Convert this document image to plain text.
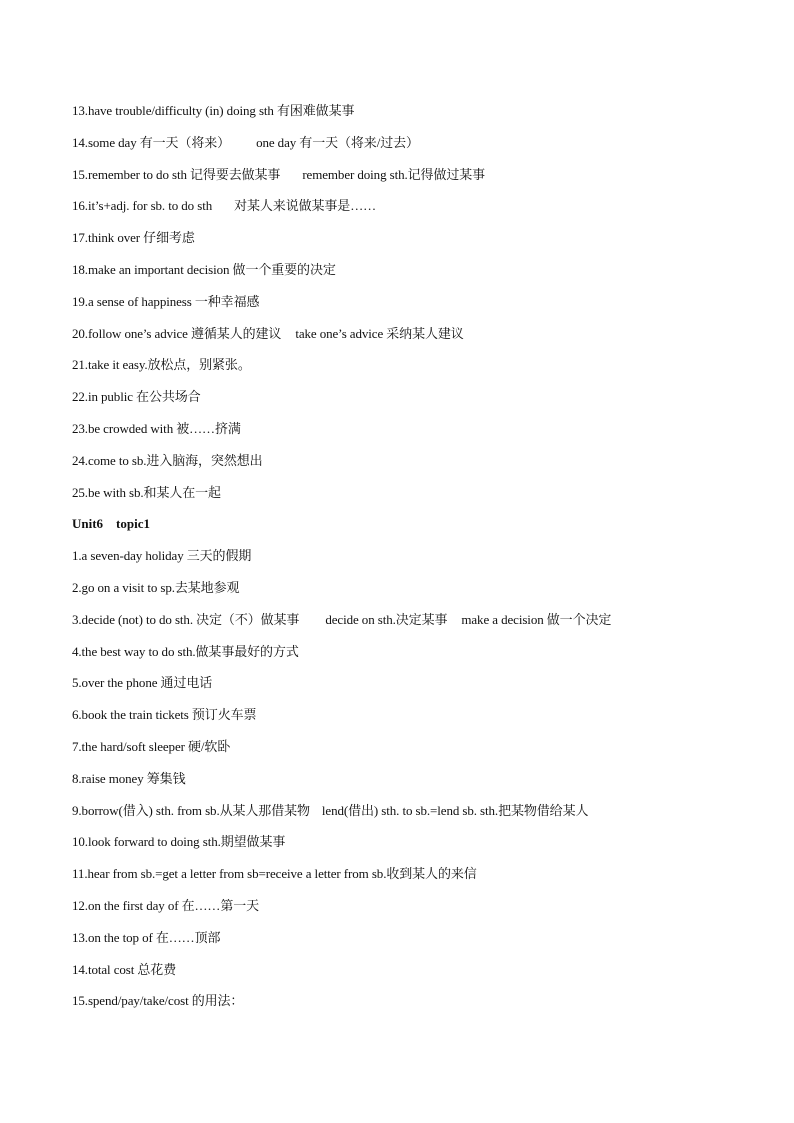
13.have trouble/difficulty (in) doing sth 有困难做某事
14.some day 有一天（将来） one day 有一天（将来/过去）
15.remember to do sth 记得要去做某事 remember doing sth.记得做过某事
16.it’s+adj. for sb. to do sth 对某人来说做某事是……
17.think over 仔细考虑
18.make an important decision 做一个重要的决定
19.a sense of happiness 一种幸福感
20.follow one’s advice 遵循某人的建议 take one’s advice 采纳某人建议
21.take it easy.放松点，别紧张。
22.in public 在公共场合
23.be crowded with 被……挤满
24.come to sb.进入脑海，突然想出
25.be with sb.和某人在一起
Unit6    topic1
1.a seven-day holiday 三天的假期
2.go on a visit to sp.去某地参观
3.decide (not) to do sth. 决定（不）做某事 decide on sth.决定某事 make a decision 做一个决定
4.the best way to do sth.做某事最好的方式
5.over the phone 通过电话
6.book the train tickets 预订火车票
7.the hard/soft sleeper 硬/软卧
8.raise money 筹集钱
9.borrow(借入) sth. from sb.从某人那借某物 lend(借出) sth. to sb.=lend sb. sth.把某物借给某人
10.look forward to doing sth.期望做某事
11.hear from sb.=get a letter from sb=receive a letter from sb.收到某人的来信
12.on the first day of 在……第一天
13.on the top of 在……顶部
14.total cost 总花费
15.spend/pay/take/cost 的用法：
